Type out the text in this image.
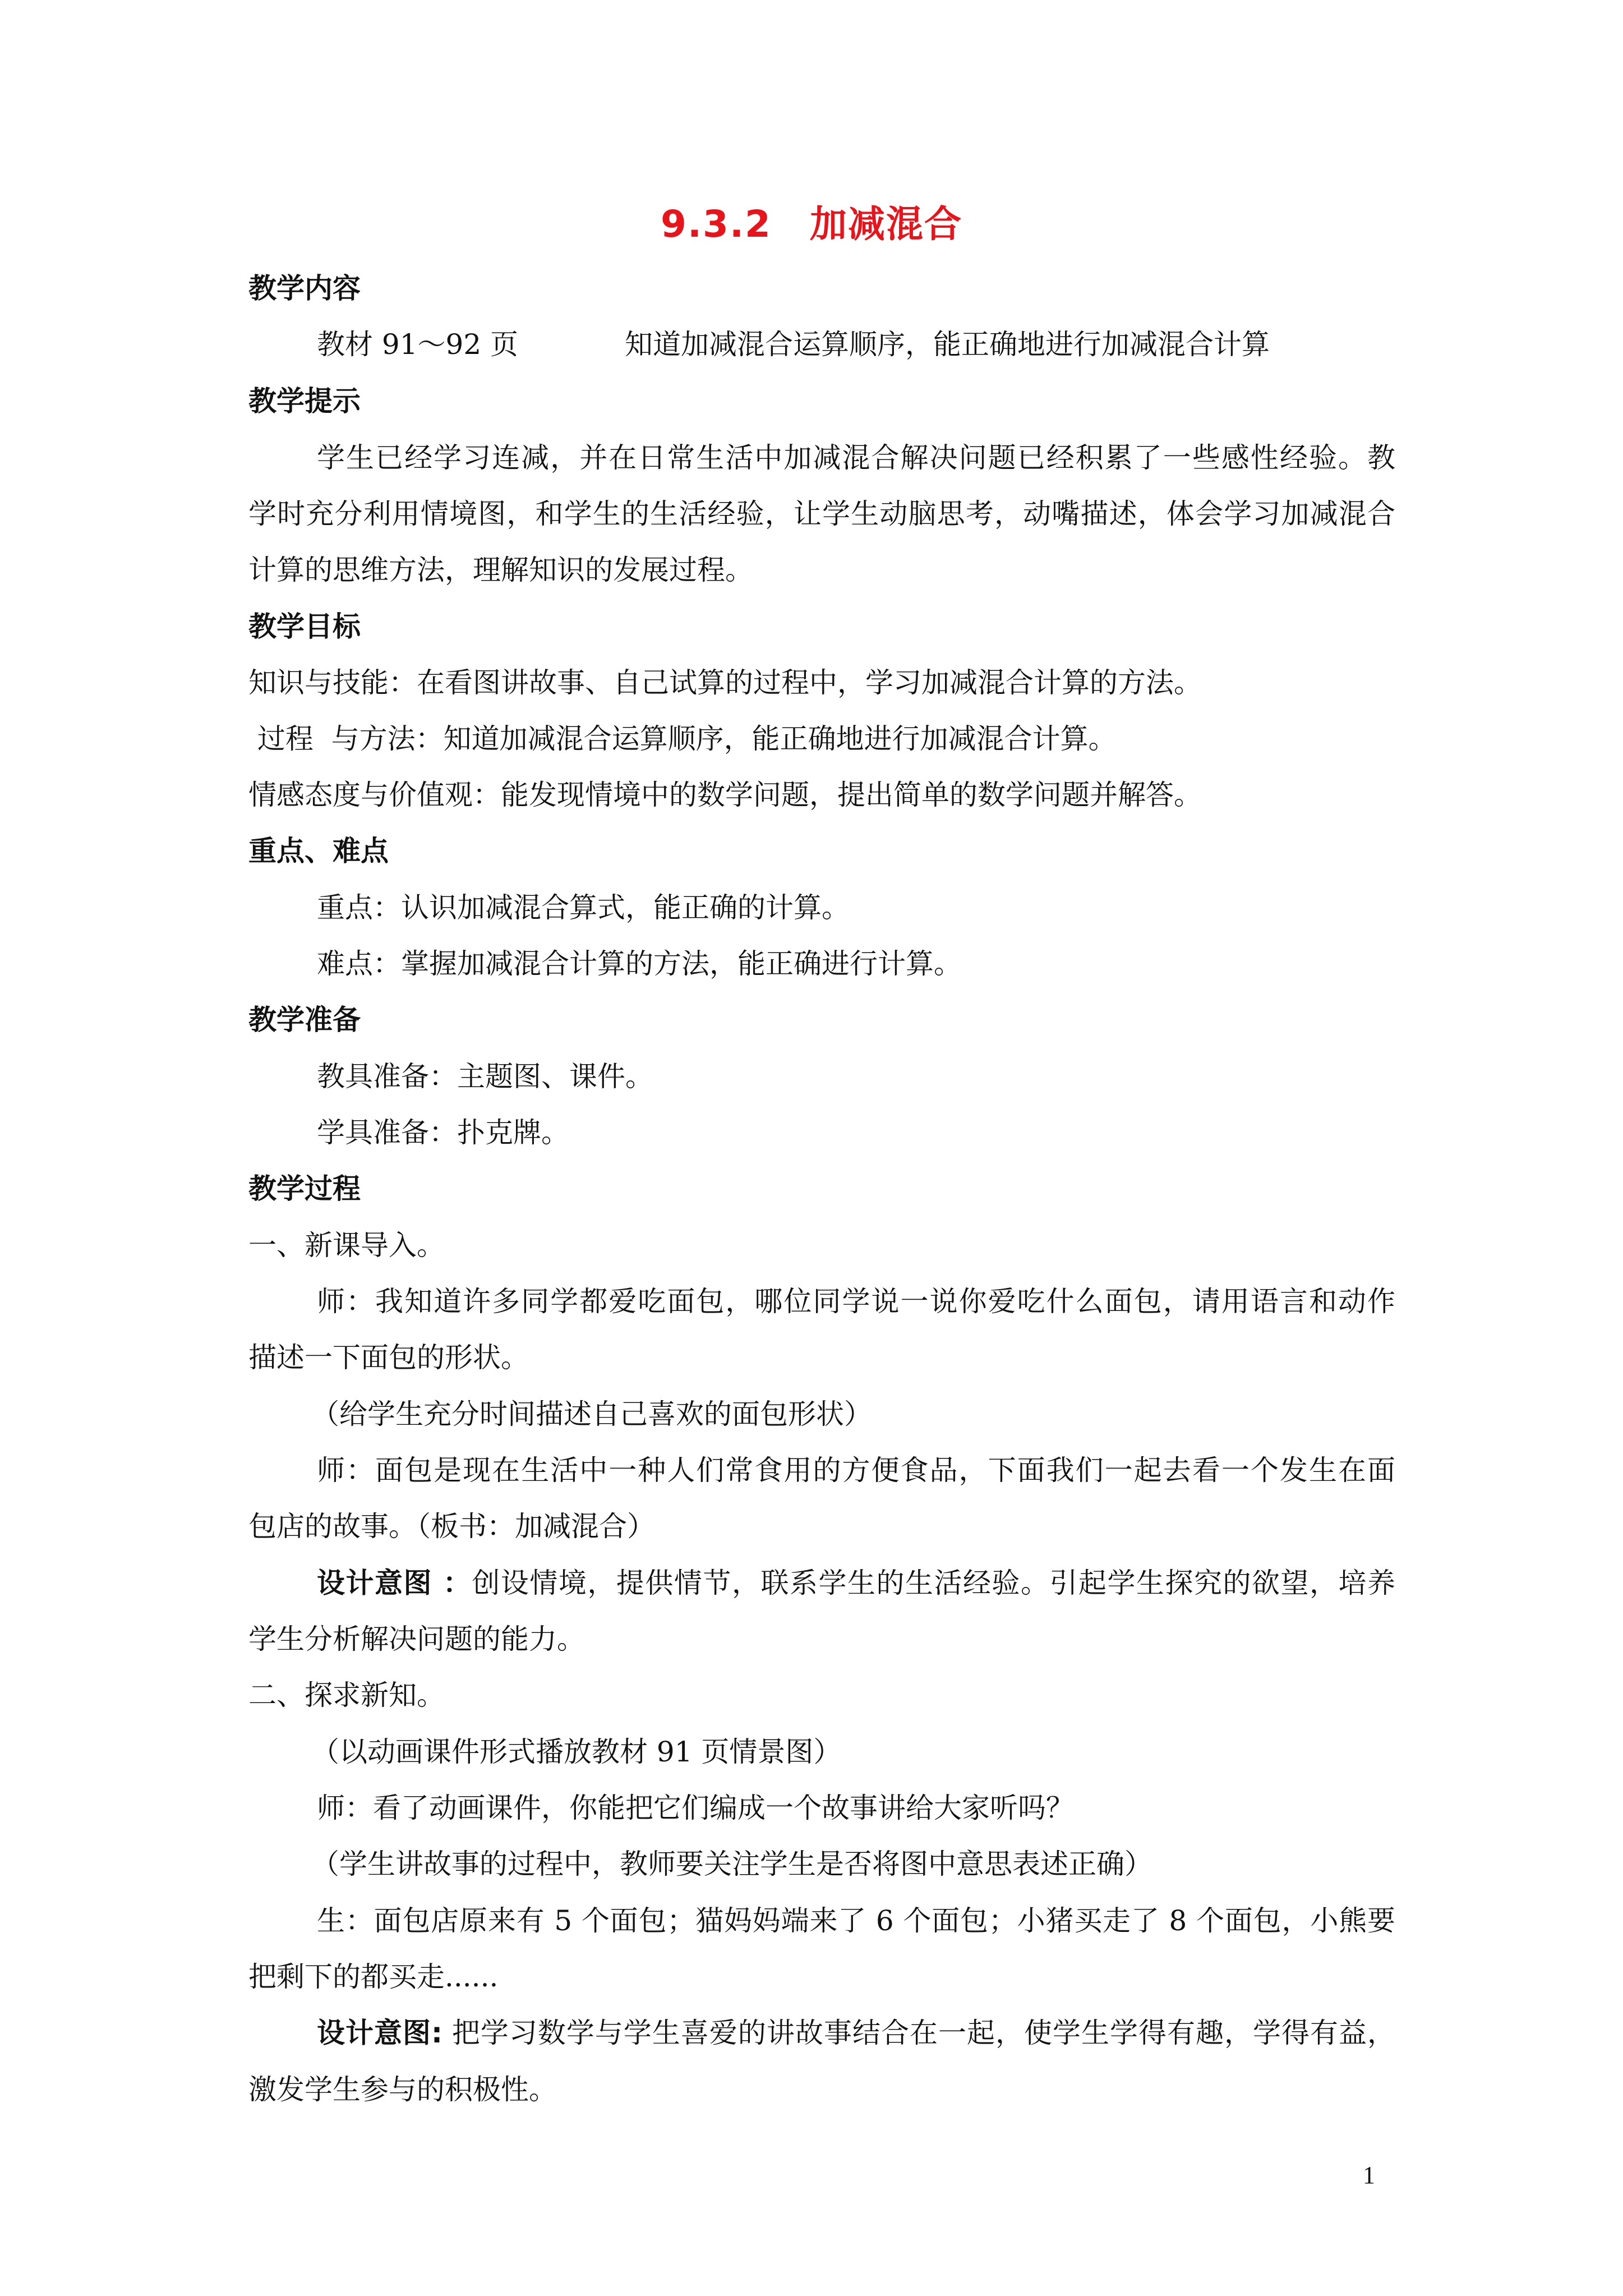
9.3.2　加减混合

教学内容

教材 91～92 页	知道加减混合运算顺序，能正确地进行加减混合计算

教学提示

学生已经学习连减，并在日常生活中加减混合解决问题已经积累了一些感性经验。教

学时充分利用情境图，和学生的生活经验，让学生动脑思考，动嘴描述，体会学习加减混合

计算的思维方法，理解知识的发展过程。

教学目标

知识与技能：在看图讲故事、自己试算的过程中，学习加减混合计算的方法。

过程  与方法：知道加减混合运算顺序，能正确地进行加减混合计算。

情感态度与价值观：能发现情境中的数学问题，提出简单的数学问题并解答。

重点、难点

重点：认识加减混合算式，能正确的计算。

难点：掌握加减混合计算的方法，能正确进行计算。

教学准备

教具准备：主题图、课件。

学具准备：扑克牌。

教学过程

一、新课导入。

师：我知道许多同学都爱吃面包，哪位同学说一说你爱吃什么面包，请用语言和动作

描述一下面包的形状。

（给学生充分时间描述自己喜欢的面包形状）

师：面包是现在生活中一种人们常食用的方便食品，下面我们一起去看一个发生在面

包店的故事。（板书：加减混合）

设计意图 ：创设情境，提供情节，联系学生的生活经验。引起学生探究的欲望，培养

学生分析解决问题的能力。

二、探求新知。

（以动画课件形式播放教材 91 页情景图）

师：看了动画课件，你能把它们编成一个故事讲给大家听吗？

（学生讲故事的过程中，教师要关注学生是否将图中意思表述正确）

生：面包店原来有 5 个面包；猫妈妈端来了 6 个面包；小猪买走了 8 个面包，小熊要

把剩下的都买走......

设计意图: 把学习数学与学生喜爱的讲故事结合在一起，使学生学得有趣，学得有益，

激发学生参与的积极性。

1
